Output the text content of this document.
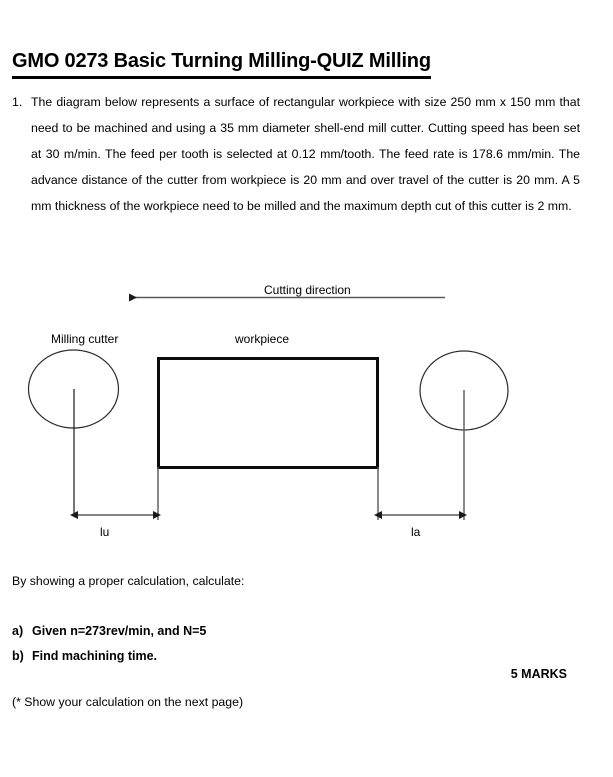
GMO 0273 Basic Turning Milling-QUIZ Milling
1. The diagram below represents a surface of rectangular workpiece with size 250 mm x 150 mm that need to be machined and using a 35 mm diameter shell-end mill cutter. Cutting speed has been set at 30 m/min. The feed per tooth is selected at 0.12 mm/tooth. The feed rate is 178.6 mm/min. The advance distance of the cutter from workpiece is 20 mm and over travel of the cutter is 20 mm. A 5 mm thickness of the workpiece need to be milled and the maximum depth cut of this cutter is 2 mm.
Cutting direction
Milling cutter	workpiece
lu	la
By showing a proper calculation, calculate:
a) Given n=273rev/min, and N=5
b) Find machining time.
5 MARKS
(* Show your calculation on the next page)
